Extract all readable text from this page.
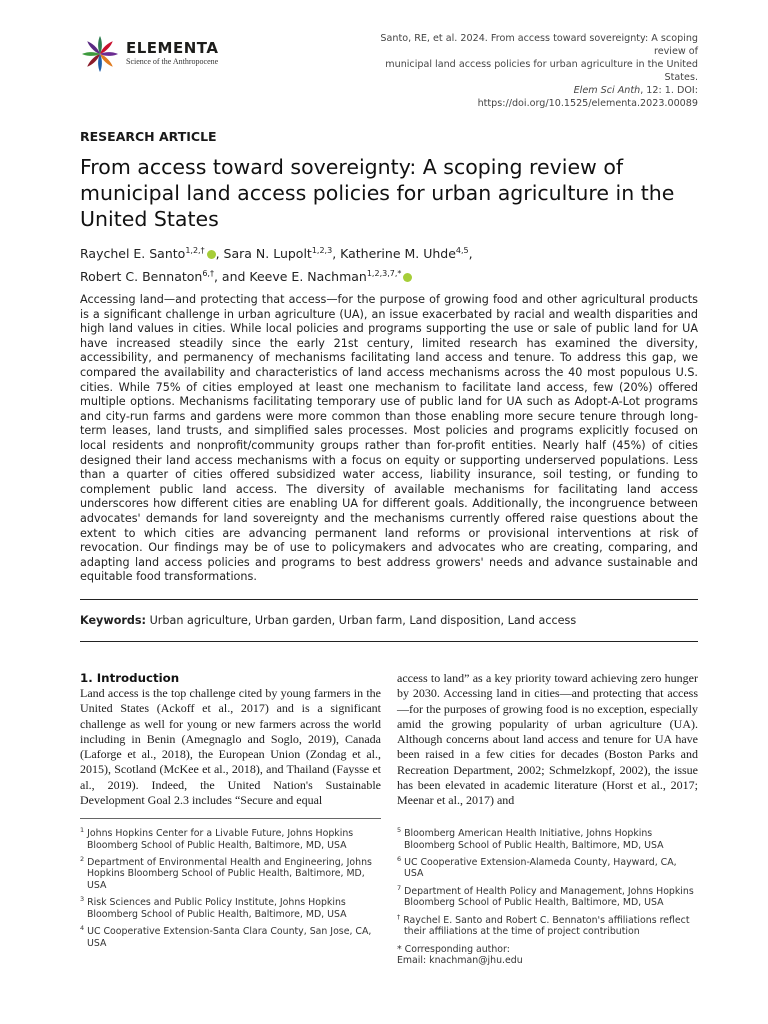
ELEMENTA
Science of the Anthropocene
Santo, RE, et al. 2024. From access toward sovereignty: A scoping review of
municipal land access policies for urban agriculture in the United States.
Elem Sci Anth, 12: 1. DOI: https://doi.org/10.1525/elementa.2023.00089
RESEARCH ARTICLE
From access toward sovereignty: A scoping review of municipal land access policies for urban agriculture in the United States
Raychel E. Santo$^{1,2,\dagger}$ , Sara N. Lupolt$^{1,2,3}$, Katherine M. Uhde$^{4,5}$,
Robert C. Bennaton$^{6,\dagger}$, and Keeve E. Nachman$^{1,2,3,7,*}$

Accessing land—and protecting that access—for the purpose of growing food and other agricultural products is a significant challenge in urban agriculture (UA), an issue exacerbated by racial and wealth disparities and high land values in cities. While local policies and programs supporting the use or sale of public land for UA have increased steadily since the early 21st century, limited research has examined the diversity, accessibility, and permanency of mechanisms facilitating land access and tenure. To address this gap, we compared the availability and characteristics of land access mechanisms across the 40 most populous U.S. cities. While 75% of cities employed at least one mechanism to facilitate land access, few (20%) offered multiple options. Mechanisms facilitating temporary use of public land for UA such as Adopt-A-Lot programs and city-run farms and gardens were more common than those enabling more secure tenure through long-term leases, land trusts, and simplified sales processes. Most policies and programs explicitly focused on local residents and nonprofit/community groups rather than for-profit entities. Nearly half (45%) of cities designed their land access mechanisms with a focus on equity or supporting underserved populations. Less than a quarter of cities offered subsidized water access, liability insurance, soil testing, or funding to complement public land access. The diversity of available mechanisms for facilitating land access underscores how different cities are enabling UA for different goals. Additionally, the incongruence between advocates' demands for land sovereignty and the mechanisms currently offered raise questions about the extent to which cities are advancing permanent land reforms or provisional interventions at risk of revocation. Our findings may be of use to policymakers and advocates who are creating, comparing, and adapting land access policies and programs to best address growers' needs and advance sustainable and equitable food transformations.

Keywords: Urban agriculture, Urban garden, Urban farm, Land disposition, Land access
1. Introduction

Land access is the top challenge cited by young farmers in the United States (Ackoff et al., 2017) and is a significant challenge as well for young or new farmers across the world including in Benin (Amegnaglo and Soglo, 2019), Canada (Laforge et al., 2018), the European Union (Zondag et al., 2015), Scotland (McKee et al., 2018), and Thailand (Faysse et al., 2019). Indeed, the United Nation's Sustainable Development Goal 2.3 includes “Secure and equal

access to land” as a key priority toward achieving zero hunger by 2030. Accessing land in cities—and protecting that access—for the purposes of growing food is no exception, especially amid the growing popularity of urban agriculture (UA). Although concerns about land access and tenure for UA have been raised in a few cities for decades (Boston Parks and Recreation Department, 2002; Schmelzkopf, 2002), the issue has been elevated in academic literature (Horst et al., 2017; Meenar et al., 2017) and

$^1$ Johns Hopkins Center for a Livable Future, Johns Hopkins Bloomberg School of Public Health, Baltimore, MD, USA

$^2$ Department of Environmental Health and Engineering, Johns Hopkins Bloomberg School of Public Health, Baltimore, MD, USA

$^3$ Risk Sciences and Public Policy Institute, Johns Hopkins Bloomberg School of Public Health, Baltimore, MD, USA

$^4$ UC Cooperative Extension-Santa Clara County, San Jose, CA, USA

$^5$ Bloomberg American Health Initiative, Johns Hopkins Bloomberg School of Public Health, Baltimore, MD, USA

$^6$ UC Cooperative Extension-Alameda County, Hayward, CA, USA

$^7$ Department of Health Policy and Management, Johns Hopkins Bloomberg School of Public Health, Baltimore, MD, USA

† Raychel E. Santo and Robert C. Bennaton's affiliations reflect their affiliations at the time of project contribution

* Corresponding author:

Email: knachman@jhu.edu
